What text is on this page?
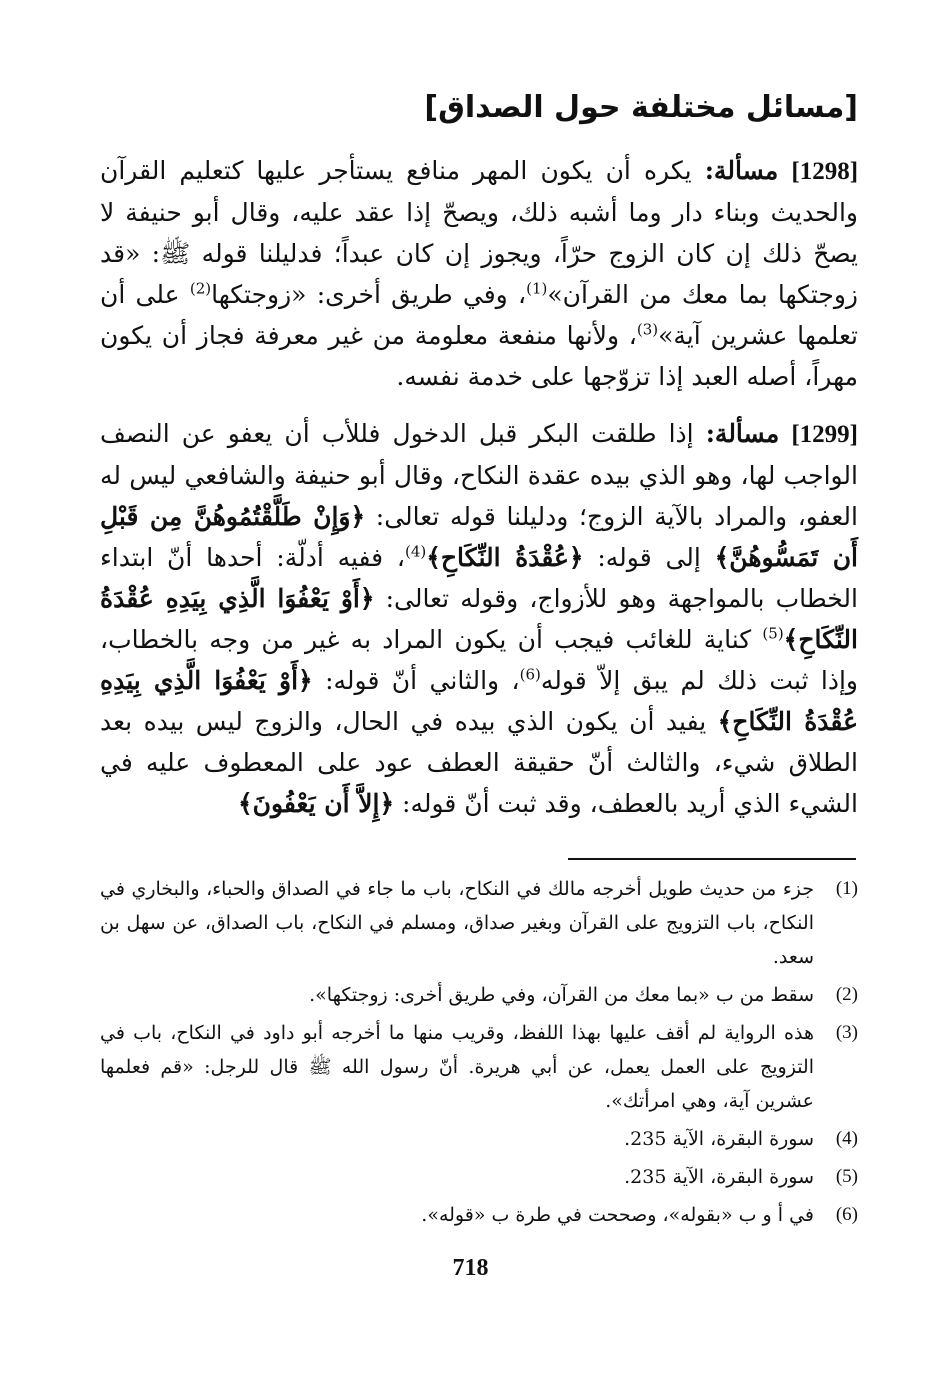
[مسائل مختلفة حول الصداق]

[1298] مسألة: يكره أن يكون المهر منافع يستأجر عليها كتعليم القرآن والحديث وبناء دار وما أشبه ذلك، ويصحّ إذا عقد عليه، وقال أبو حنيفة لا يصحّ ذلك إن كان الزوج حرّاً، ويجوز إن كان عبداً؛ فدليلنا قوله ﷺ: «قد زوجتكها بما معك من القرآن»$^{(1)}$، وفي طريق أخرى: «زوجتكها$^{(2)}$ على أن تعلمها عشرين آية»$^{(3)}$، ولأنها منفعة معلومة من غير معرفة فجاز أن يكون مهراً، أصله العبد إذا تزوّجها على خدمة نفسه.

[1299] مسألة: إذا طلقت البكر قبل الدخول فللأب أن يعفو عن النصف الواجب لها، وهو الذي بيده عقدة النكاح، وقال أبو حنيفة والشافعي ليس له العفو، والمراد بالآية الزوج؛ ودليلنا قوله تعالى: ﴿وَإِنْ طَلَّقْتُمُوهُنَّ مِن قَبْلِ أَن تَمَسُّوهُنَّ﴾ إلى قوله: ﴿عُقْدَةُ النِّكَاحِ﴾$^{(4)}$، ففيه أدلّة: أحدها أنّ ابتداء الخطاب بالمواجهة وهو للأزواج، وقوله تعالى: ﴿أَوْ يَعْفُوَا الَّذِي بِيَدِهِ عُقْدَةُ النِّكَاحِ﴾$^{(5)}$ كناية للغائب فيجب أن يكون المراد به غير من وجه بالخطاب، وإذا ثبت ذلك لم يبق إلاّ قوله$^{(6)}$، والثاني أنّ قوله: ﴿أَوْ يَعْفُوَا الَّذِي بِيَدِهِ عُقْدَةُ النِّكَاحِ﴾ يفيد أن يكون الذي بيده في الحال، والزوج ليس بيده بعد الطلاق شيء، والثالث أنّ حقيقة العطف عود على المعطوف عليه في الشيء الذي أريد بالعطف، وقد ثبت أنّ قوله: ﴿إِلاَّ أَن يَعْفُونَ﴾

(1)
جزء من حديث طويل أخرجه مالك في النكاح، باب ما جاء في الصداق والحباء، والبخاري في النكاح، باب التزويج على القرآن وبغير صداق، ومسلم في النكاح، باب الصداق، عن سهل بن سعد.
(2)
سقط من ب «بما معك من القرآن، وفي طريق أخرى: زوجتكها».
(3)
هذه الرواية لم أقف عليها بهذا اللفظ، وقريب منها ما أخرجه أبو داود في النكاح، باب في التزويج على العمل يعمل، عن أبي هريرة. أنّ رسول الله ﷺ قال للرجل: «قم فعلمها عشرين آية، وهي امرأتك».
(4)
سورة البقرة، الآية 235.
(5)
سورة البقرة، الآية 235.
(6)
في أ و ب «بقوله»، وصححت في طرة ب «قوله».
718
